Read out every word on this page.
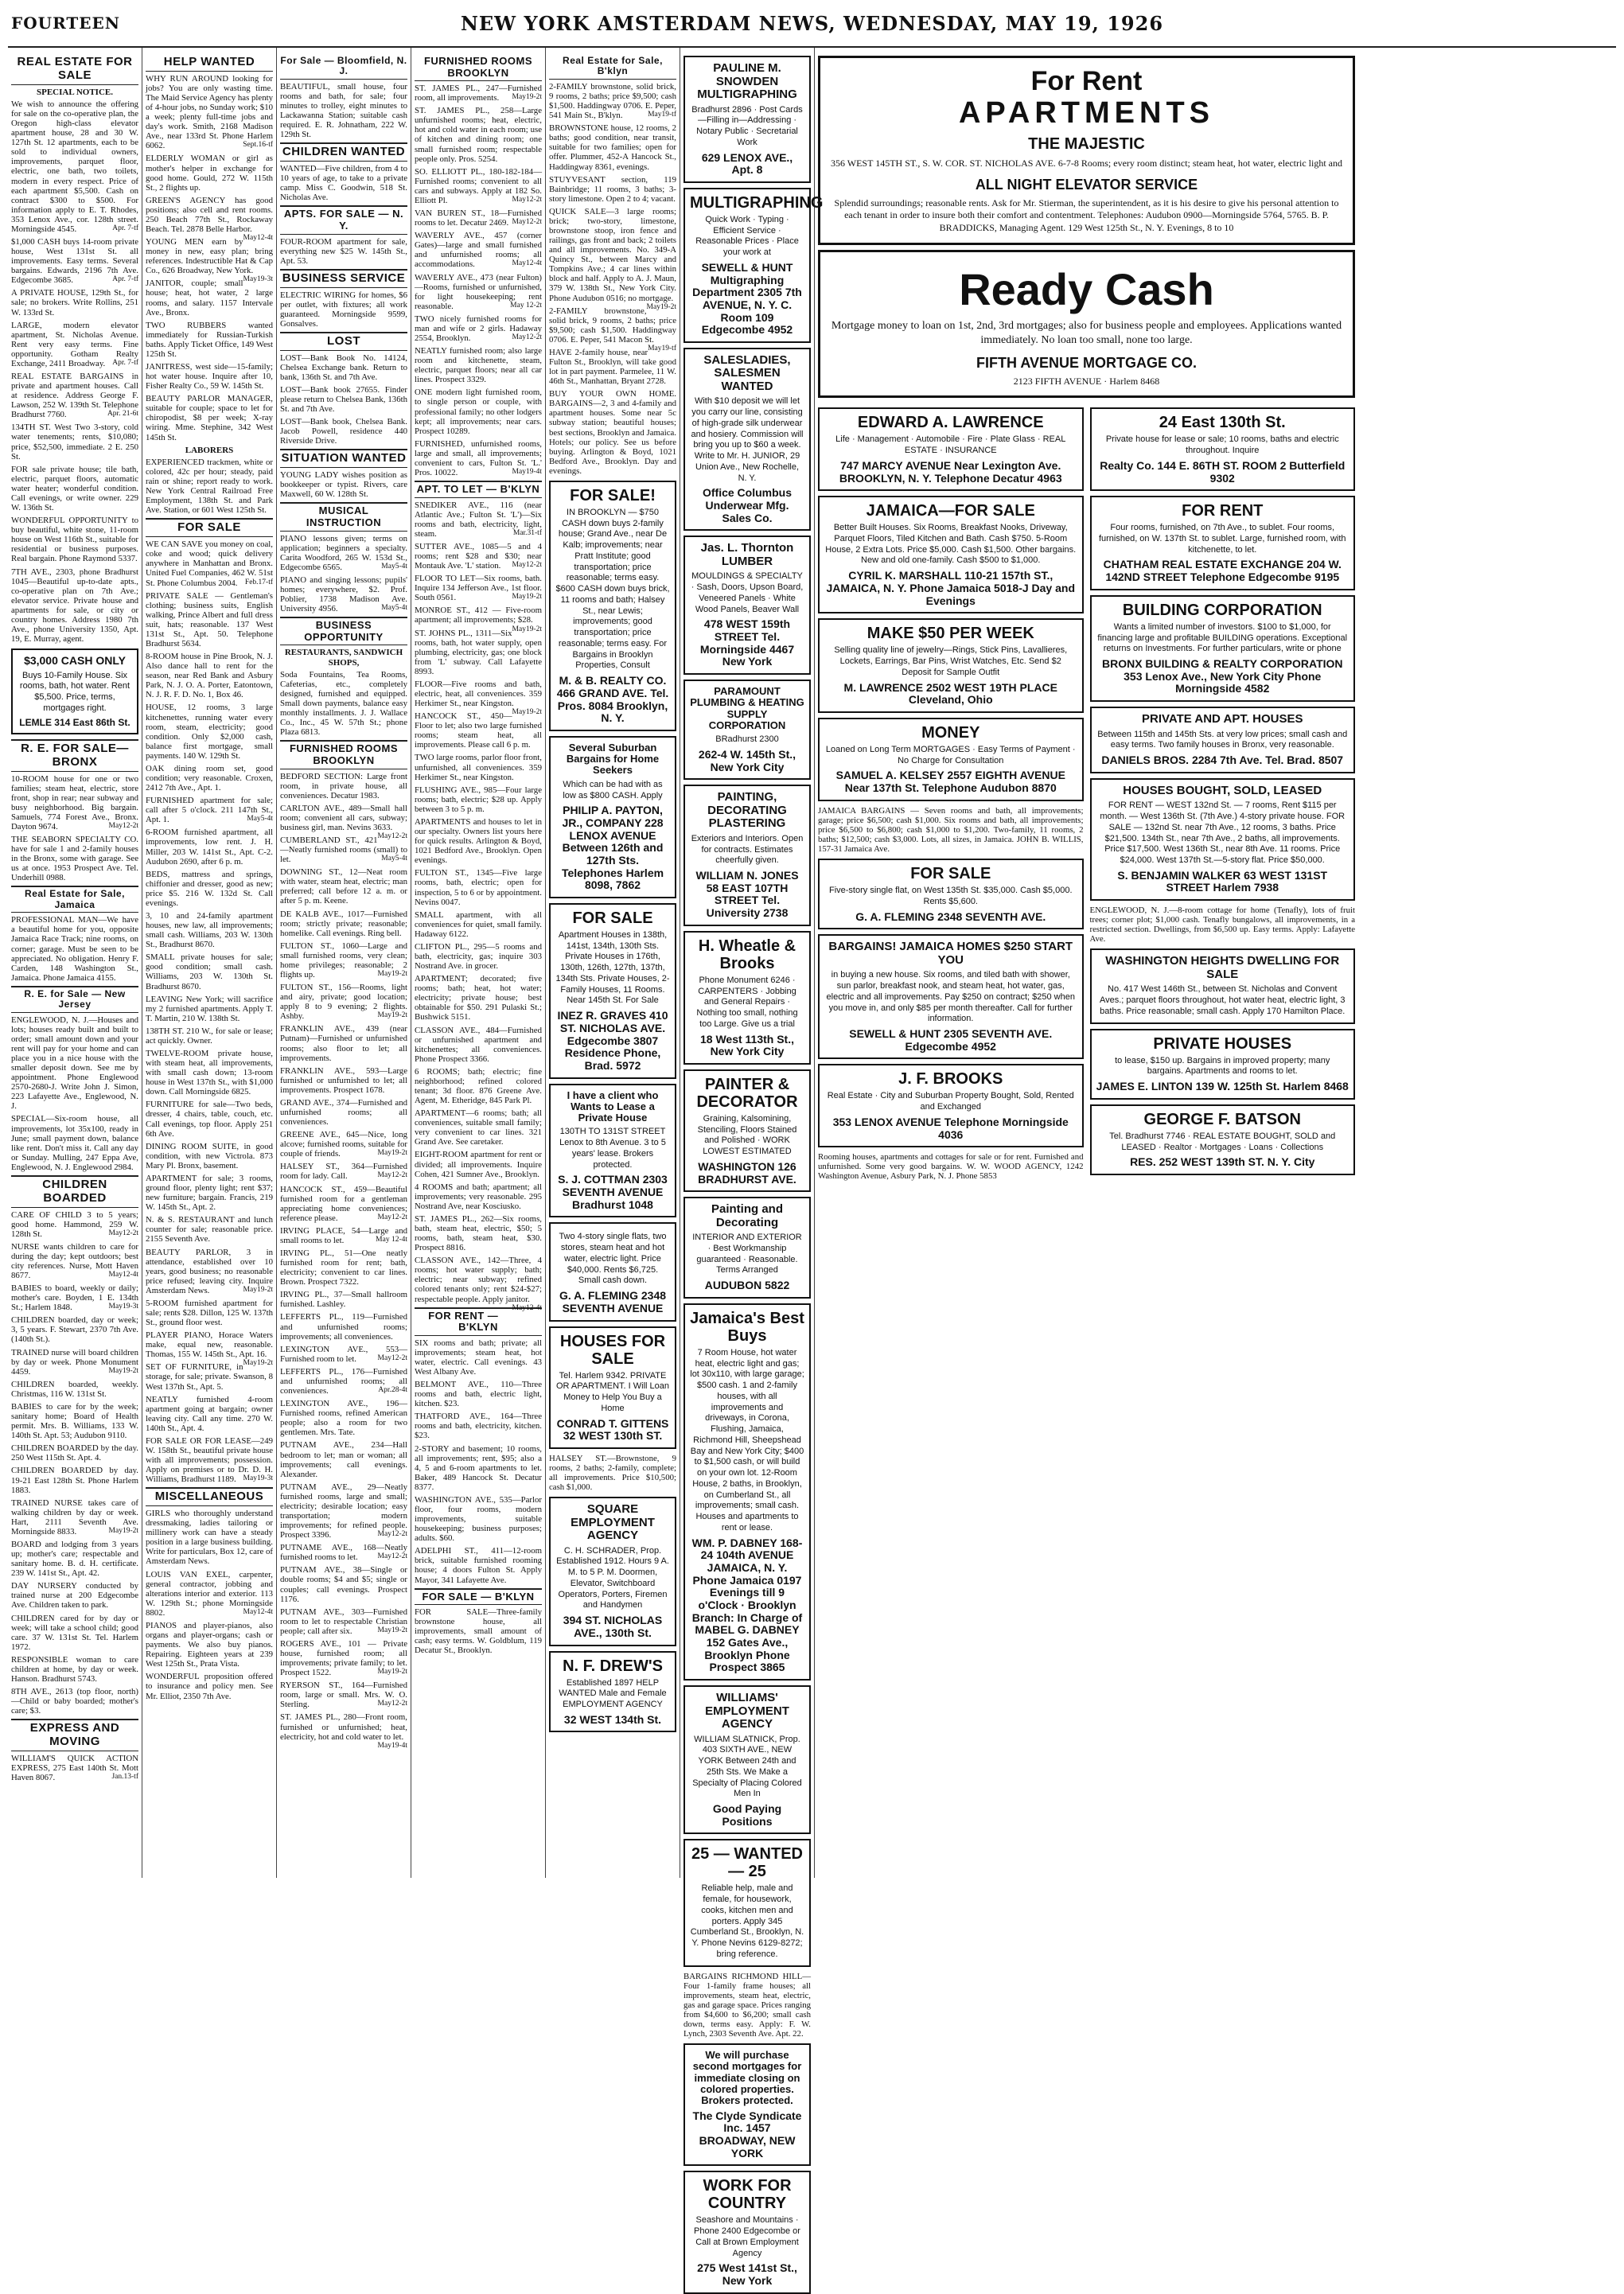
FOURTEEN	NEW YORK AMSTERDAM NEWS, WEDNESDAY, MAY 19, 1926
REAL ESTATE FOR SALE
SPECIAL NOTICE.
We wish to announce the offering for sale on the co-operative plan, the Oregon high-class elevator apartment house, 28 and 30 W. 127th St. 12 apartments, each to be sold to individual owners, improvements, parquet floor, electric, one bath, two toilets, modern in every respect. Price of each apartment $5,500. Cash on contract $300 to $500. For information apply to E. T. Rhodes, 353 Lenox Ave., cor. 128th street. Morningside 4545.	Apr. 7-tf
$1,000 CASH buys 14-room private house, West 131st St. all improvements. Easy terms. Several bargains. Edwards, 2196 7th Ave. Edgecombe 3685.	Apr. 7-tf
A PRIVATE HOUSE, 129th St., for sale; no brokers. Write Rollins, 251 W. 133rd St.
LARGE, modern elevator apartment, St. Nicholas Avenue. Rent very easy terms. Fine opportunity. Gotham Realty Exchange, 2411 Broadway. Apr. 7-tf
REAL ESTATE BARGAINS in private and apartment houses. Call at residence. Address George F. Lawson, 252 W. 139th St. Telephone Bradhurst 7760.	Apr. 21-6t
134TH ST. West Two 3-story, cold water tenements; rents, $10,080; price, $52,500, immediate. 2 E. 250 St.
FOR sale private house; tile bath, electric, parquet floors, automatic water heater; wonderful condition. Call evenings, or write owner. 229 W. 136th St.
WONDERFUL OPPORTUNITY to buy beautiful, white stone, 11-room house on West 116th St., suitable for residential or business purposes. Real bargain. Phone Raymond 5337.
7TH AVE., 2303, phone Bradhurst 1045—Beautiful up-to-date apts., co-operative plan on 7th Ave.; elevator service. Private house and apartments for sale, or city or country homes. Address 1980 7th Ave., phone University 1350, Apt. 19, E. Murray, agent.
$3,000 CASH ONLY
Buys 10-Family House. Six rooms, bath, hot water. Rent $5,500. Price, terms, mortgages right.
LEMLE 314 East 86th St.
R. E. FOR SALE—BRONX
10-ROOM house for one or two families; steam heat, electric, store front, shop in rear; near subway and busy neighborhood. Big bargain. Samuels, 774 Forest Ave., Bronx. Dayton 9674.	May12-2t
THE SEABORN SPECIALTY CO. have for sale 1 and 2-family houses in the Bronx, some with garage. See us at once. 1953 Prospect Ave. Tel. Underhill 0988.
Real Estate for Sale, Jamaica
PROFESSIONAL MAN—We have a beautiful home for you, opposite Jamaica Race Track; nine rooms, on corner; garage. Must be seen to be appreciated. No obligation. Henry F. Carden, 148 Washington St., Jamaica. Phone Jamaica 4155.
R. E. for Sale — New Jersey
ENGLEWOOD, N. J.—Houses and lots; houses ready built and built to order; small amount down and your rent will pay for your home and can place you in a nice house with the smaller deposit down. See me by appointment. Phone Englewood 2570-2680-J. Write John J. Simon, 223 Lafayette Ave., Englewood, N. J.
SPECIAL—Six-room house, all improvements, lot 35x100, ready in June; small payment down, balance like rent. Don't miss it. Call any day or Sunday. Mulling, 247 Eppa Ave, Englewood, N. J. Englewood 2984.
CHILDREN BOARDED
CARE OF CHILD 3 to 5 years; good home. Hammond, 259 W. 128th St.	May12-2t
NURSE wants children to care for during the day; kept outdoors; best city references. Nurse, Mott Haven 8677.	May12-4t
BABIES to board, weekly or daily; mother's care. Boyden, 1 E. 134th St.; Harlem 1848.	May19-3t
CHILDREN boarded, day or week; 3, 5 years. F. Stewart, 2370 7th Ave. (140th St.).
TRAINED nurse will board children by day or week. Phone Monument 4459.	May19-2t
CHILDREN boarded, weekly. Christmas, 116 W. 131st St.
BABIES to care for by the week; sanitary home; Board of Health permit. Mrs. B. Williams, 133 W. 140th St. Apt. 53; Audubon 9110.
CHILDREN BOARDED by the day. 250 West 115th St. Apt. 4.
CHILDREN BOARDED by day. 19-21 East 128th St. Phone Harlem 1883.
TRAINED NURSE takes care of walking children by day or week. Hart, 2111 Seventh Ave. Morningside 8833.	May19-2t
BOARD and lodging from 3 years up; mother's care; respectable and sanitary home. B. d. H. certificate. 239 W. 141st St., Apt. 42.
DAY NURSERY conducted by trained nurse at 200 Edgecombe Ave. Children taken to park.
CHILDREN cared for by day or week; will take a school child; good care. 37 W. 131st St. Tel. Harlem 1972.
RESPONSIBLE woman to care children at home, by day or week. Hanson. Bradhurst 5743.
8TH AVE., 2613 (top floor, north) —Child or baby boarded; mother's care; $3.
EXPRESS AND MOVING
WILLIAM'S QUICK ACTION EXPRESS, 275 East 140th St. Mott Haven 8067.	Jan.13-tf
HELP WANTED
WHY RUN AROUND looking for jobs? You are only wasting time. The Maid Service Agency has plenty of 4-hour jobs, no Sunday work; $10 a week; plenty full-time jobs and day's work. Smith, 2168 Madison Ave., near 133rd St. Phone Harlem 6062.	Sept.16-tf
ELDERLY WOMAN or girl as mother's helper in exchange for good home. Gould, 272 W. 115th St., 2 flights up.
GREEN'S AGENCY has good positions; also cell and rent rooms. 250 Beach 77th St., Rockaway Beach. Tel. 2878 Belle Harbor.
May12-4t
YOUNG MEN earn by money in new, easy plan; bring references. Indestructible Hat & Cap Co., 626 Broadway, New York.
May19-3t
JANITOR, couple; small house; heat, hot water, 2 large rooms, and salary. 1157 Intervale Ave., Bronx.
TWO RUBBERS wanted immediately for Russian-Turkish baths. Apply Ticket Office, 149 West 125th St.
JANITRESS, west side—15-family; hot water house. Inquire after 10, Fisher Realty Co., 59 W. 145th St.
BEAUTY PARLOR MANAGER, suitable for couple; space to let for chiropodist, $8 per week; X-ray wiring. Mme. Stephine, 342 West 145th St.
LABORERS
EXPERIENCED trackmen, white or colored, 42c per hour; steady, paid rain or shine; report ready to work. New York Central Railroad Free Employment, 138th St. and Park Ave. Station, or 601 West 125th St.
FOR SALE
WE CAN SAVE you money on coal, coke and wood; quick delivery anywhere in Manhattan and Bronx. United Fuel Companies, 462 W. 51st St. Phone Columbus 2004. Feb.17-tf
PRIVATE SALE — Gentleman's clothing; business suits, English walking, Prince Albert and full dress suit, hats; reasonable. 137 West 131st St., Apt. 50. Telephone Bradhurst 5634.
8-ROOM house in Pine Brook, N. J. Also dance hall to rent for the season, near Red Bank and Asbury Park, N. J. O. A. Porter, Eatontown, N. J. R. F. D. No. 1, Box 46.
HOUSE, 12 rooms, 3 large kitchenettes, running water every room, steam, electricity; good condition. Only $2,000 cash, balance first mortgage, small payments. 140 W. 129th St.
OAK dining room set, good condition; very reasonable. Croxen, 2412 7th Ave., Apt. 1.
FURNISHED apartment for sale; call after 5 o'clock. 211 147th St., Apt. 1.	May5-4t
6-ROOM furnished apartment, all improvements, low rent. J. H. Miller, 203 W. 141st St., Apt. C-2. Audubon 2690, after 6 p. m.
BEDS, mattress and springs, chiffonier and dresser, good as new; price $5. 216 W. 132d St. Call evenings.
3, 10 and 24-family apartment houses, new law, all improvements; small cash. Williams, 203 W. 130th St., Bradhurst 8670.
SMALL private houses for sale; good condition; small cash. Williams, 203 W. 130th St. Bradhurst 8670.
LEAVING New York; will sacrifice my 2 furnished apartments. Apply T. T. Martin, 210 W. 138th St.
138TH ST. 210 W., for sale or lease; act quickly. Owner.
TWELVE-ROOM private house, with steam heat, all improvements, with small cash down; 13-room house in West 137th St., with $1,000 down. Call Morningside 6825.
FURNITURE for sale—Two beds, dresser, 4 chairs, table, couch, etc. Call evenings, top floor. Apply 251 6th Ave.
DINING ROOM SUITE, in good condition, with new Victrola. 873 Mary Pl. Bronx, basement.
APARTMENT for sale; 3 rooms, ground floor, plenty light; rent $37; new furniture; bargain. Francis, 219 W. 145th St., Apt. 2.
N. & S. RESTAURANT and lunch counter for sale; reasonable price. 2155 Seventh Ave.
BEAUTY PARLOR, 3 in attendance, established over 10 years, good business; no reasonable price refused; leaving city. Inquire Amsterdam News.	May19-2t
5-ROOM furnished apartment for sale; rents $28. Dillon, 125 W. 137th St., ground floor west.
PLAYER PIANO, Horace Waters make, equal new, reasonable. Thomas, 155 W. 145th St., Apt. 16.
May19-2t
SET OF FURNITURE, in storage, for sale; private. Swanson, 8 West 137th St., Apt. 5.
NEATLY furnished 4-room apartment going at bargain; owner leaving city. Call any time. 270 W. 140th St., Apt. 4.
FOR SALE OR FOR LEASE—249 W. 158th St., beautiful private house with all improvements; possession. Apply on premises or to Dr. D. H. Williams, Bradhurst 1189. May19-3t
MISCELLANEOUS
GIRLS who thoroughly understand dressmaking, ladies tailoring or millinery work can have a steady position in a large business building. Write for particulars, Box 12, care of Amsterdam News.
LOUIS VAN EXEL, carpenter, general contractor, jobbing and alterations interior and exterior. 113 W. 129th St.; phone Morningside 8802.	May12-4t
PIANOS and player-pianos, also organs and player-organs; cash or payments. We also buy pianos. Repairing. Eighteen years at 239 West 125th St., Prata Vista.
WONDERFUL proposition offered to insurance and policy men. See Mr. Elliot, 2350 7th Ave.
For Sale — Bloomfield, N. J.
BEAUTIFUL, small house, four rooms and bath, for sale; four minutes to trolley, eight minutes to Lackawanna Station; suitable cash required. E. R. Johnatham, 222 W. 129th St.
CHILDREN WANTED
WANTED—Five children, from 4 to 10 years of age, to take to a private camp. Miss C. Goodwin, 518 St. Nicholas Ave.
APTS. FOR SALE — N. Y.
FOUR-ROOM apartment for sale, everything new $25 W. 145th St., Apt. 53.
BUSINESS SERVICE
ELECTRIC WIRING for homes, $6 per outlet, with fixtures; all work guaranteed. Morningside 9599, Gonsalves.
LOST
LOST—Bank Book No. 14124, Chelsea Exchange bank. Return to bank, 136th St. and 7th Ave.
LOST—Bank book 27655. Finder please return to Chelsea Bank, 136th St. and 7th Ave.
LOST—Bank book, Chelsea Bank. Jacob Powell, residence 440 Riverside Drive.
SITUATION WANTED
YOUNG LADY wishes position as bookkeeper or typist. Rivers, care Maxwell, 60 W. 128th St.
MUSICAL INSTRUCTION
PIANO lessons given; terms on application; beginners a specialty. Carita Woodford, 265 W. 153d St., Edgecombe 6565.	May5-4t
PIANO and singing lessons; pupils' homes; everywhere, $2. Prof. Poblier, 1738 Madison Ave. University 4956.	May5-4t
BUSINESS OPPORTUNITY
RESTAURANTS, SANDWICH SHOPS,
Soda Fountains, Tea Rooms, Cafeterias, etc., completely designed, furnished and equipped. Small down payments, balance easy monthly installments. J. J. Wallace Co., Inc., 45 W. 57th St.; phone Plaza 6813.
FURNISHED ROOMS BROOKLYN
BEDFORD SECTION: Large front room, in private house, all conveniences. Decatur 1983.
CARLTON AVE., 489—Small hall room; convenient all cars, subway; business girl, man. Nevins 3633.
May12-2t
CUMBERLAND ST., 421—Neatly furnished rooms (small) to let.	May5-4t
DOWNING ST., 12—Neat room with water, steam heat, electric; man preferred; call before 12 a. m. or after 5 p. m. Keene.
DE KALB AVE., 1017—Furnished room; strictly private; reasonable; homelike. Call evenings. Ring bell.
FULTON ST., 1060—Large and small furnished rooms, very clean; home privileges; reasonable; 2 flights up.	May19-2t
FULTON ST., 156—Rooms, light and airy, private; good location; apply 8 to 9 evening; 2 flights. Ashby.	May19-2t
FRANKLIN AVE., 439 (near Putnam)—Furnished or unfurnished rooms; also floor to let; all improvements.
FRANKLIN AVE., 593—Large furnished or unfurnished to let; all improvements. Prospect 1678.
GRAND AVE., 374—Furnished and unfurnished rooms; all conveniences.
GREENE AVE., 645—Nice, long alcove; furnished rooms, suitable for couple of friends.	May19-2t
HALSEY ST., 364—Furnished room for lady. Call.	May12-2t
HANCOCK ST., 459—Beautiful furnished room for a gentleman appreciating home conveniences; reference please.	May12-2t
IRVING PLACE, 54—Large and small rooms to let.	May 12-4t
IRVING PL., 51—One neatly furnished room for rent; bath, electricity; convenient to car lines. Brown. Prospect 7322.
IRVING PL., 37—Small hallroom furnished. Lashley.
LEFFERTS PL., 119—Furnished and unfurnished rooms; improvements; all conveniences.
LEXINGTON AVE., 553—Furnished room to let.	May12-2t
LEFFERTS PL., 176—Furnished and unfurnished rooms; all conveniences.	Apr.28-4t
LEXINGTON AVE., 196—Furnished rooms, refined American people; also a room for two gentlemen. Mrs. Tate.
PUTNAM AVE., 234—Hall bedroom to let; man or woman; all improvements; call evenings. Alexander.
PUTNAM AVE., 29—Neatly furnished rooms, large and small; electricity; desirable location; easy transportation; modern improvements; for refined people. Prospect 3396.	May12-2t
PUTNAME AVE., 168—Neatly furnished rooms to let.	May12-2t
PUTNAM AVE., 38—Single or double rooms; $4 and $5; single or couples; call evenings. Prospect 1176.
PUTNAM AVE., 303—Furnished room to let to respectable Christian people; call after six.	May19-2t
ROGERS AVE., 101 — Private house, furnished room; all improvements; private family; to let. Prospect 1522.	May19-2t
RYERSON ST., 164—Furnished room, large or small. Mrs. W. O. Sterling.	May12-2t
ST. JAMES PL., 280—Front room, furnished or unfurnished; heat, electricity, hot and cold water to let.
May19-4t
FURNISHED ROOMS BROOKLYN
ST. JAMES PL., 247—Furnished room, all improvements. May19-2t
ST. JAMES PL., 258—Large unfurnished rooms; heat, electric, hot and cold water in each room; use of kitchen and dining room; one small furnished room; respectable people only. Pros. 5254.
SO. ELLIOTT PL., 180-182-184—Furnished rooms; convenient to all cars and subways. Apply at 182 So. Elliott Pl.	May12-2t
VAN BUREN ST., 18—Furnished rooms to let. Decatur 2469. May12-2t
WAVERLY AVE., 457 (corner Gates)—large and small furnished and unfurnished rooms; all accommodations.	May12-4t
WAVERLY AVE., 473 (near Fulton)—Rooms, furnished or unfurnished, for light housekeeping; rent reasonable.	May 12-2t
TWO nicely furnished rooms for man and wife or 2 girls. Hadaway 2554, Brooklyn.	May12-2t
NEATLY furnished room; also large room and kitchenette, steam, electric, parquet floors; near all car lines. Prospect 3329.
ONE modern light furnished room, to single person or couple, with professional family; no other lodgers kept; all improvements; near cars. Prospect 10289.
FURNISHED, unfurnished rooms, large and small, all improvements; convenient to cars, Fulton St. 'L.' Pros. 10022.	May19-4t
APT. TO LET — B'KLYN
SNEDIKER AVE., 116 (near Atlantic Ave.; Fulton St. 'L')—Six rooms and bath, electricity, light, steam.	Mar.31-tf
SUTTER AVE., 1085—5 and 4 rooms; rent $28 and $30; near Montauk Ave. 'L' station. May12-2t
FLOOR TO LET—Six rooms, bath. Inquire 134 Jefferson Ave., 1st floor. South 0561.	May19-2t
MONROE ST., 412 — Five-room apartment; all improvements; $28.
May19-2t
ST. JOHNS PL., 1311—Six rooms, bath, hot water supply, open plumbing, electricity, gas; one block from 'L' subway. Call Lafayette 8993.
FLOOR—Five rooms and bath, electric, heat, all conveniences. 359 Herkimer St., near Kingston.
May19-2t
HANCOCK ST., 450—Floor to let; also two large furnished rooms; steam heat, all improvements. Please call 6 p. m.
TWO large rooms, parlor floor front, unfurnished, all conveniences. 359 Herkimer St., near Kingston.
FLUSHING AVE., 985—Four large rooms; bath, electric; $28 up. Apply between 3 to 5 p. m.
APARTMENTS and houses to let in our specialty. Owners list yours here for quick results. Arlington & Boyd, 1021 Bedford Ave., Brooklyn. Open evenings.
FULTON ST., 1345—Five large rooms, bath, electric; open for inspection, 5 to 6 or by appointment. Nevins 0047.
SMALL apartment, with all conveniences for quiet, small family. Hadaway 6122.
CLIFTON PL., 295—5 rooms and bath, electricity, gas; inquire 303 Nostrand Ave. in grocer.
APARTMENT; decorated; five rooms; bath; heat, hot water; electricity; private house; best obtainable for $50. 291 Pulaski St.; Bushwick 5151.
CLASSON AVE., 484—Furnished or unfurnished apartment and kitchenettes; all conveniences. Phone Prospect 3366.
6 ROOMS; bath; electric; fine neighborhood; refined colored tenant; 3d floor. 876 Greene Ave. Agent, M. Etheridge, 845 Park Pl.
APARTMENT—6 rooms; bath; all conveniences, suitable small family; very convenient to car lines. 321 Grand Ave. See caretaker.
EIGHT-ROOM apartment for rent or divided; all improvements. Inquire Cohen, 421 Sumner Ave., Brooklyn.
4 ROOMS and bath; apartment; all improvements; very reasonable. 295 Nostrand Ave, near Kosciusko.
ST. JAMES PL., 262—Six rooms, bath, steam heat, electric, $50; 5 rooms, bath, steam heat, $30. Prospect 8816.
CLASSON AVE., 142—Three, 4 rooms; hot water supply; bath; electric; near subway; refined colored tenants only; rent $24-$27; respectable people. Apply janitor.
May12-4t
FOR RENT — B'KLYN
SIX rooms and bath; private; all improvements; steam heat, hot water, electric. Call evenings. 43 West Albany Ave.
BELMONT AVE., 110—Three rooms and bath, electric light, kitchen. $23.
THATFORD AVE., 164—Three rooms and bath, electricity, kitchen. $23.
2-STORY and basement; 10 rooms, all improvements; rent, $95; also a 4, 5 and 6-room apartments to let. Baker, 489 Hancock St. Decatur 8377.
WASHINGTON AVE., 535—Parlor floor, four rooms, modern improvements, suitable housekeeping; business purposes; adults. $60.
ADELPHI ST., 411—12-room brick, suitable furnished rooming house; 4 doors Fulton St. Apply Mayor, 341 Lafayette Ave.
FOR SALE — B'KLYN
FOR SALE—Three-family brownstone house, all improvements, small amount of cash; easy terms. W. Goldblum, 119 Decatur St., Brooklyn.
Real Estate for Sale, B'klyn
2-FAMILY brownstone, solid brick, 9 rooms, 2 baths; price $9,500; cash $1,500. Haddingway 0706. E. Peper, 541 Main St., B'klyn.	May19-tf
BROWNSTONE house, 12 rooms, 2 baths; good condition, near transit, suitable for two families; open for offer. Plummer, 452-A Hancock St., Haddingway 8361, evenings.
STUYVESANT section, 119 Bainbridge; 11 rooms, 3 baths; 3-story limestone. Open 2 to 4; vacant.
QUICK SALE—3 large rooms; brick; two-story, limestone, brownstone stoop, iron fence and railings, gas front and back; 2 toilets and all improvements. No. 349-A Quincy St., between Marcy and Tompkins Ave.; 4 car lines within block and half. Apply to A. J. Maun, 379 W. 138th St., New York City. Phone Audubon 0516; no mortgage.
May19-2t
2-FAMILY brownstone, solid brick, 9 rooms, 2 baths; price $9,500; cash $1,500. Haddingway 0706. E. Peper, 541 Macon St.
May19-tf
HAVE 2-family house, near Fulton St., Brooklyn, will take good lot in part payment. Parmelee, 11 W. 46th St., Manhattan, Bryant 2728.
BUY YOUR OWN HOME. BARGAINS—2, 3 and 4-family and apartment houses. Some near 5c subway station; beautiful houses; best sections, Brooklyn and Jamaica. Hotels; our policy. See us before buying. Arlington & Boyd, 1021 Bedford Ave., Brooklyn. Day and evenings.
FOR SALE!
IN BROOKLYN — $750 CASH down buys 2-family house; Grand Ave., near De Kalb; improvements; near Pratt Institute; good transportation; price reasonable; terms easy. $600 CASH down buys brick, 11 rooms and bath; Halsey St., near Lewis; improvements; good transportation; price reasonable; terms easy. For Bargains in Brooklyn Properties, Consult
M. & B. REALTY CO. 466 GRAND AVE. Tel. Pros. 8084 Brooklyn, N. Y.
Several Suburban Bargains for Home Seekers
Which can be had with as low as $800 CASH. Apply
PHILIP A. PAYTON, JR., COMPANY 228 LENOX AVENUE Between 126th and 127th Sts. Telephones Harlem 8098, 7862
FOR SALE
Apartment Houses in 138th, 141st, 134th, 130th Sts. Private Houses in 176th, 130th, 126th, 127th, 137th, 134th Sts. Private Houses, 2-Family Houses, 11 Rooms. Near 145th St. For Sale
INEZ R. GRAVES 410 ST. NICHOLAS AVE. Edgecombe 3807 Residence Phone, Brad. 5972
I have a client who Wants to Lease a Private House
130TH TO 131ST STREET Lenox to 8th Avenue. 3 to 5 years' lease. Brokers protected.
S. J. COTTMAN 2303 SEVENTH AVENUE Bradhurst 1048
Two 4-story single flats, two stores, steam heat and hot water, electric light. Price $40,000. Rents $6,725. Small cash down.
G. A. FLEMING 2348 SEVENTH AVENUE
HOUSES FOR SALE
Tel. Harlem 9342. PRIVATE OR APARTMENT. I Will Loan Money to Help You Buy a Home
CONRAD T. GITTENS 32 WEST 130th ST.
HALSEY ST.—Brownstone, 9 rooms, 2 baths; 2-family, complete; all improvements. Price $10,500; cash $1,000.
SQUARE EMPLOYMENT AGENCY
C. H. SCHRADER, Prop. Established 1912. Hours 9 A. M. to 5 P. M. Doormen, Elevator, Switchboard Operators, Porters, Firemen and Handymen
394 ST. NICHOLAS AVE., 130th St.
N. F. DREW'S
Established 1897 HELP WANTED Male and Female EMPLOYMENT AGENCY
32 WEST 134th St.
PAULINE M. SNOWDEN MULTIGRAPHING
Bradhurst 2896 · Post Cards—Filling in—Addressing · Notary Public · Secretarial Work
629 LENOX AVE., Apt. 8
MULTIGRAPHING
Quick Work · Typing · Efficient Service · Reasonable Prices · Place your work at
SEWELL & HUNT Multigraphing Department 2305 7th AVENUE, N. Y. C. Room 109 Edgecombe 4952
SALESLADIES, SALESMEN WANTED
With $10 deposit we will let you carry our line, consisting of high-grade silk underwear and hosiery. Commission will bring you up to $60 a week. Write to Mr. H. JUNIOR, 29 Union Ave., New Rochelle, N. Y.
Office Columbus Underwear Mfg. Sales Co.
Jas. L. Thornton LUMBER
MOULDINGS & SPECIALTY · Sash, Doors, Upson Board, Veneered Panels · White Wood Panels, Beaver Wall
478 WEST 159th STREET Tel. Morningside 4467 New York
PARAMOUNT PLUMBING & HEATING SUPPLY CORPORATION
BRadhurst 2300
262-4 W. 145th St., New York City
PAINTING, DECORATING PLASTERING
Exteriors and Interiors. Open for contracts. Estimates cheerfully given.
WILLIAM N. JONES 58 EAST 107TH STREET Tel. University 2738
H. Wheatle & Brooks
Phone Monument 6246 · CARPENTERS · Jobbing and General Repairs · Nothing too small, nothing too Large. Give us a trial
18 West 113th St., New York City
PAINTER & DECORATOR
Graining, Kalsomining, Stenciling, Floors Stained and Polished · WORK LOWEST ESTIMATED
WASHINGTON 126 BRADHURST AVE.
Painting and Decorating
INTERIOR AND EXTERIOR · Best Workmanship guaranteed · Reasonable. Terms Arranged
AUDUBON 5822
Jamaica's Best Buys
7 Room House, hot water heat, electric light and gas; lot 30x110, with large garage; $500 cash. 1 and 2-family houses, with all improvements and driveways, in Corona, Flushing, Jamaica, Richmond Hill, Sheepshead Bay and New York City; $400 to $1,500 cash, or will build on your own lot. 12-Room House, 2 baths, in Brooklyn, on Cumberland St., all improvements; small cash. Houses and apartments to rent or lease.
WM. P. DABNEY 168-24 104th AVENUE JAMAICA, N. Y. Phone Jamaica 0197 Evenings till 9 o'Clock · Brooklyn Branch: In Charge of MABEL G. DABNEY 152 Gates Ave., Brooklyn Phone Prospect 3865
WILLIAMS' EMPLOYMENT AGENCY
WILLIAM SLATNICK, Prop. 403 SIXTH AVE., NEW YORK Between 24th and 25th Sts. We Make a Specialty of Placing Colored Men In
Good Paying Positions
25 — WANTED — 25
Reliable help, male and female, for housework, cooks, kitchen men and porters. Apply 345 Cumberland St., Brooklyn, N. Y. Phone Nevins 6129-8272; bring reference.
BARGAINS RICHMOND HILL—Four 1-family frame houses; all improvements, steam heat, electric, gas and garage space. Prices ranging from $4,600 to $6,200; small cash down, terms easy. Apply: F. W. Lynch, 2303 Seventh Ave. Apt. 22.
We will purchase second mortgages for immediate closing on colored properties. Brokers protected.
The Clyde Syndicate Inc. 1457 BROADWAY, NEW YORK
WORK FOR COUNTRY
Seashore and Mountains · Phone 2400 Edgecombe or Call at Brown Employment Agency
275 West 141st St., New York
For Rent
APARTMENTS
THE MAJESTIC
356 WEST 145TH ST., S. W. COR. ST. NICHOLAS AVE. 6-7-8 Rooms; every room distinct; steam heat, hot water, electric light and
ALL NIGHT ELEVATOR SERVICE
Splendid surroundings; reasonable rents. Ask for Mr. Stierman, the superintendent, as it is his desire to give his personal attention to each tenant in order to insure both their comfort and contentment. Telephones: Audubon 0900—Morningside 5764, 5765. B. P. BRADDICKS, Managing Agent. 129 West 125th St., N. Y. Evenings, 8 to 10
Ready Cash
Mortgage money to loan on 1st, 2nd, 3rd mortgages; also for business people and employees. Applications wanted immediately. No loan too small, none too large.
FIFTH AVENUE MORTGAGE CO.
2123 FIFTH AVENUE · Harlem 8468
EDWARD A. LAWRENCE
Life · Management · Automobile · Fire · Plate Glass · REAL ESTATE · INSURANCE
747 MARCY AVENUE Near Lexington Ave. BROOKLYN, N. Y. Telephone Decatur 4963
JAMAICA—FOR SALE
Better Built Houses. Six Rooms, Breakfast Nooks, Driveway, Parquet Floors, Tiled Kitchen and Bath. Cash $750. 5-Room House, 2 Extra Lots. Price $5,000. Cash $1,500. Other bargains. New and old one-family. Cash $500 to $1,000.
CYRIL K. MARSHALL 110-21 157th ST., JAMAICA, N. Y. Phone Jamaica 5018-J Day and Evenings
MAKE $50 PER WEEK
Selling quality line of jewelry—Rings, Stick Pins, Lavallieres, Lockets, Earrings, Bar Pins, Wrist Watches, Etc. Send $2 Deposit for Sample Outfit
M. LAWRENCE 2502 WEST 19TH PLACE Cleveland, Ohio
MONEY
Loaned on Long Term MORTGAGES · Easy Terms of Payment · No Charge for Consultation
SAMUEL A. KELSEY 2557 EIGHTH AVENUE Near 137th St. Telephone Audubon 8870
JAMAICA BARGAINS — Seven rooms and bath, all improvements; garage; price $6,500; cash $1,000. Six rooms and bath, all improvements; price $6,500 to $6,800; cash $1,000 to $1,200. Two-family, 11 rooms, 2 baths; $12,500; cash $3,000. Lots, all sizes, in Jamaica. JOHN B. WILLIS, 157-31 Jamaica Ave.
FOR SALE
Five-story single flat, on West 135th St. $35,000. Cash $5,000. Rents $5,600.
G. A. FLEMING 2348 SEVENTH AVE.
BARGAINS! JAMAICA HOMES $250 START YOU
in buying a new house. Six rooms, and tiled bath with shower, sun parlor, breakfast nook, and steam heat, hot water, gas, electric and all improvements. Pay $250 on contract; $250 when you move in, and only $85 per month thereafter. Call for further information.
SEWELL & HUNT 2305 SEVENTH AVE. Edgecombe 4952
J. F. BROOKS
Real Estate · City and Suburban Property Bought, Sold, Rented and Exchanged
353 LENOX AVENUE Telephone Morningside 4036
Rooming houses, apartments and cottages for sale or for rent. Furnished and unfurnished. Some very good bargains. W. W. WOOD AGENCY, 1242 Washington Avenue, Asbury Park, N. J. Phone 5853
24 East 130th St.
Private house for lease or sale; 10 rooms, baths and electric throughout. Inquire
Realty Co. 144 E. 86TH ST. ROOM 2 Butterfield 9302
FOR RENT
Four rooms, furnished, on 7th Ave., to sublet. Four rooms, furnished, on W. 137th St. to sublet. Large, furnished room, with kitchenette, to let.
CHATHAM REAL ESTATE EXCHANGE 204 W. 142ND STREET Telephone Edgecombe 9195
BUILDING CORPORATION
Wants a limited number of investors. $100 to $1,000, for financing large and profitable BUILDING operations. Exceptional returns on Investments. For further particulars, write or phone
BRONX BUILDING & REALTY CORPORATION 353 Lenox Ave., New York City Phone Morningside 4582
PRIVATE AND APT. HOUSES
Between 115th and 145th Sts. at very low prices; small cash and easy terms. Two family houses in Bronx, very reasonable.
DANIELS BROS. 2284 7th Ave. Tel. Brad. 8507
HOUSES BOUGHT, SOLD, LEASED
FOR RENT — WEST 132nd St. — 7 rooms, Rent $115 per month. — West 136th St. (7th Ave.) 4-story private house. FOR SALE — 132nd St. near 7th Ave., 12 rooms, 3 baths. Price $21,500. 134th St., near 7th Ave., 2 baths, all improvements. Price $17,500. West 136th St., near 8th Ave. 11 rooms. Price $24,000. West 137th St.—5-story flat. Price $50,000.
S. BENJAMIN WALKER 63 WEST 131ST STREET Harlem 7938
ENGLEWOOD, N. J.—8-room cottage for home (Tenafly), lots of fruit trees; corner plot; $1,000 cash. Tenafly bungalows, all improvements, in a restricted section. Dwellings, from $6,500 up. Easy terms. Apply: Lafayette Ave.
WASHINGTON HEIGHTS DWELLING FOR SALE
No. 417 West 146th St., between St. Nicholas and Convent Aves.; parquet floors throughout, hot water heat, electric light, 3 baths. Price reasonable; small cash. Apply 170 Hamilton Place.
PRIVATE HOUSES
to lease, $150 up. Bargains in improved property; many bargains. Apartments and rooms to let.
JAMES E. LINTON 139 W. 125th St. Harlem 8468
GEORGE F. BATSON
Tel. Bradhurst 7746 · REAL ESTATE BOUGHT, SOLD and LEASED · Realtor · Mortgages · Loans · Collections
RES. 252 WEST 139th ST. N. Y. City
